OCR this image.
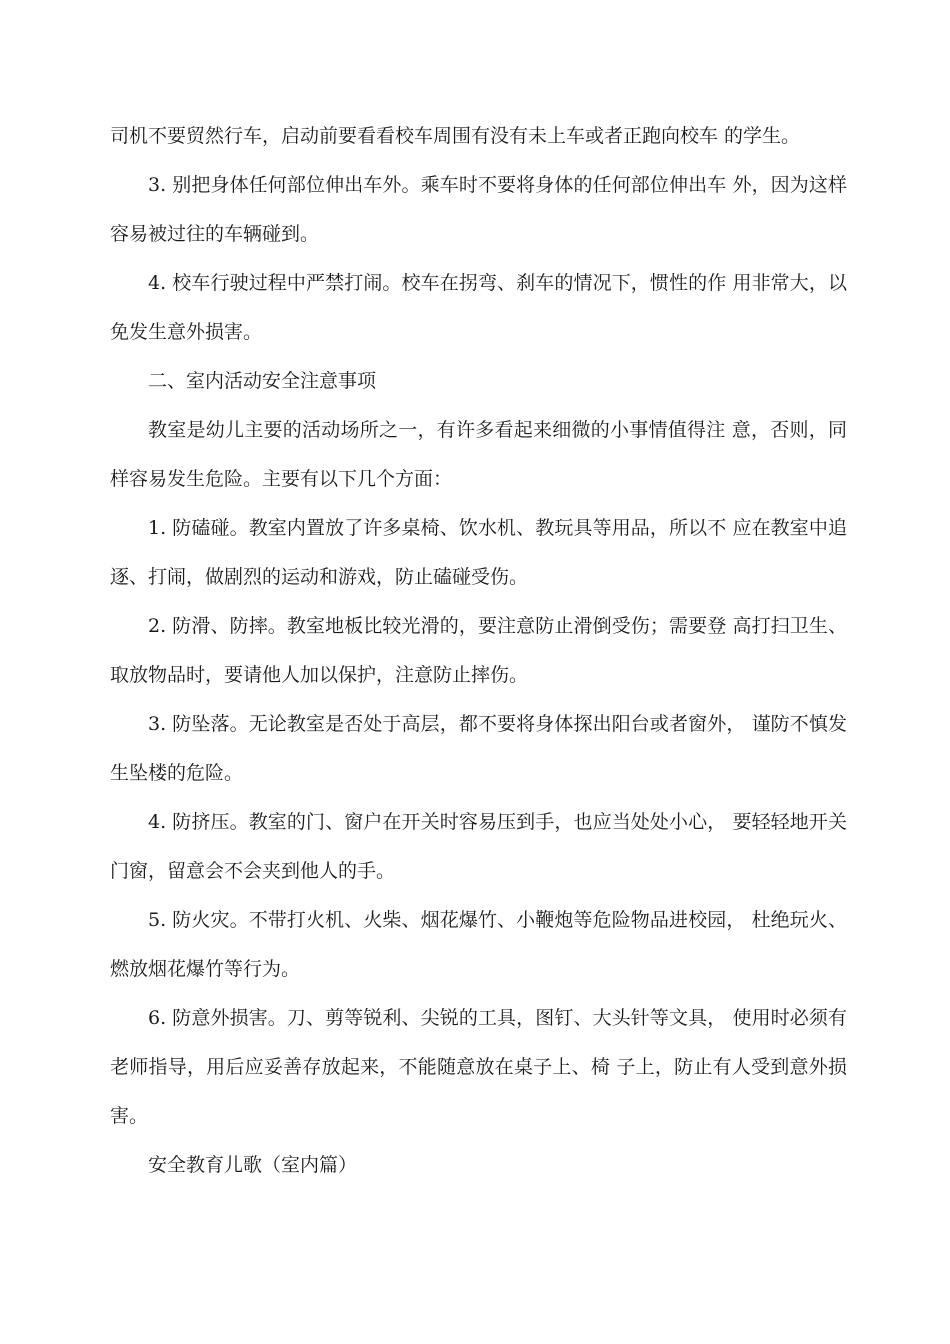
司机不要贸然行车，启动前要看看校车周围有没有未上车或者正跑向校车 的学生。

3. 别把身体任何部位伸出车外。乘车时不要将身体的任何部位伸出车 外，因为这样容易被过往的车辆碰到。

4. 校车行驶过程中严禁打闹。校车在拐弯、刹车的情况下，惯性的作 用非常大，以免发生意外损害。

二、室内活动安全注意事项

教室是幼儿主要的活动场所之一，有许多看起来细微的小事情值得注 意，否则，同样容易发生危险。主要有以下几个方面：

1. 防磕碰。教室内置放了许多桌椅、饮水机、教玩具等用品，所以不 应在教室中追逐、打闹，做剧烈的运动和游戏，防止磕碰受伤。

2. 防滑、防摔。教室地板比较光滑的，要注意防止滑倒受伤；需要登 高打扫卫生、取放物品时，要请他人加以保护，注意防止摔伤。

3. 防坠落。无论教室是否处于高层，都不要将身体探出阳台或者窗外， 谨防不慎发生坠楼的危险。

4. 防挤压。教室的门、窗户在开关时容易压到手，也应当处处小心， 要轻轻地开关门窗，留意会不会夹到他人的手。

5. 防火灾。不带打火机、火柴、烟花爆竹、小鞭炮等危险物品进校园， 杜绝玩火、燃放烟花爆竹等行为。

6. 防意外损害。刀、剪等锐利、尖锐的工具，图钉、大头针等文具， 使用时必须有老师指导，用后应妥善存放起来，不能随意放在桌子上、椅 子上，防止有人受到意外损害。

安全教育儿歌（室内篇）
